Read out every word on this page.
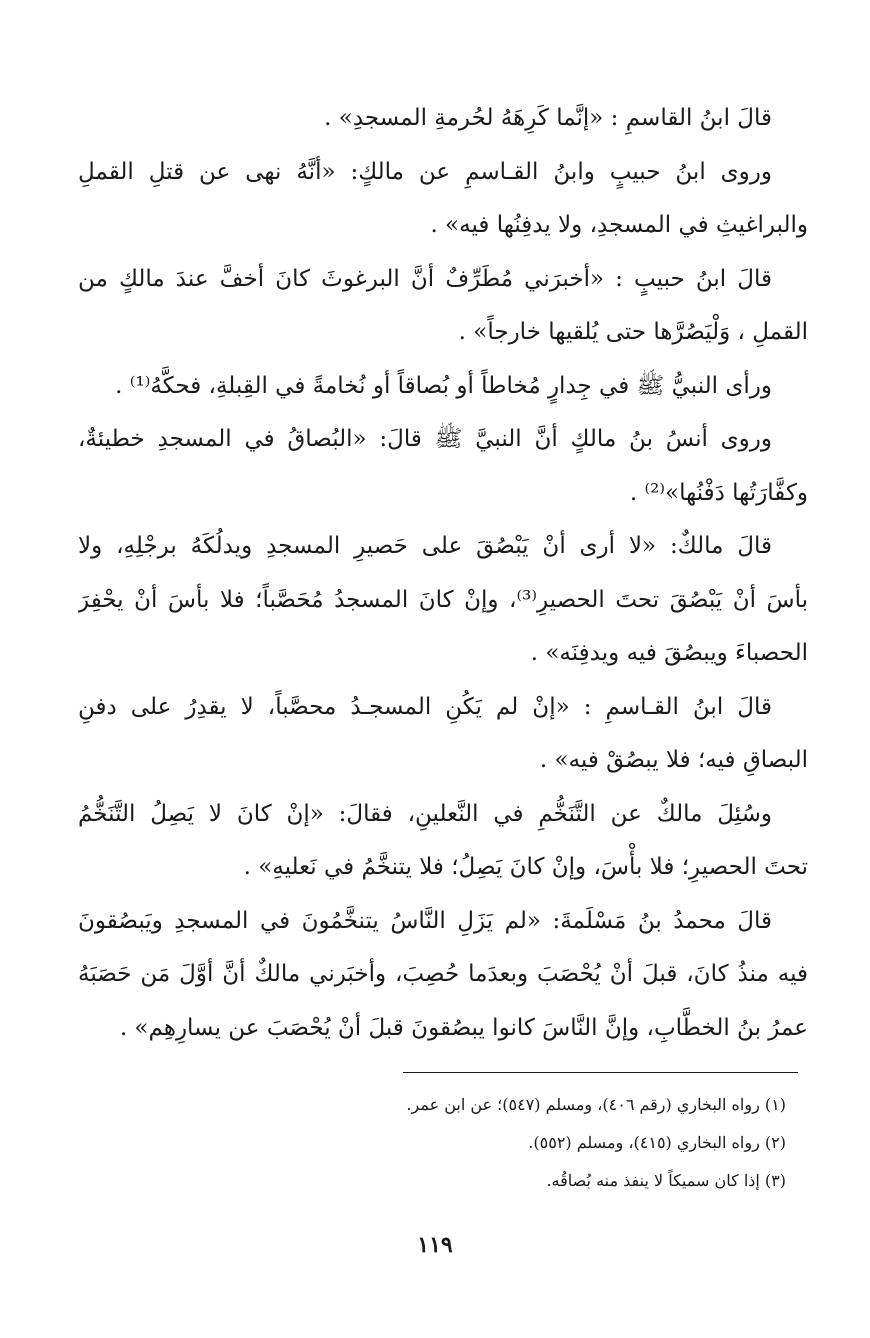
قالَ ابنُ القاسمِ : «إنَّما كَرِهَهُ لحُرمةِ المسجدِ» .
وروى ابنُ حبيبٍ وابنُ القـاسمِ عن مالكٍ: «أنَّهُ نهى عن قتلِ القملِ
والبراغيثِ في المسجدِ، ولا يدفِنُها فيه» .
قالَ ابنُ حبيبٍ : «أخبرَني مُطَرِّفٌ أنَّ البرغوثَ كانَ أخفَّ عندَ مالكٍ من
القملِ ، وَلْيَصُرَّها حتى يُلقيها خارجاً» .
ورأى النبيُّ ﷺ في جِدارٍ مُخاطاً أو بُصاقاً أو نُخامةً في القِبلةِ، فحكَّهُ⁽¹⁾ .
وروى أنسُ بنُ مالكٍ أنَّ النبيَّ ﷺ قالَ: «البُصاقُ في المسجدِ خطيئةٌ،
وكفَّارَتُها دَفْنُها»⁽²⁾ .
قالَ مالكٌ: «لا أرى أنْ يَبْصُقَ على حَصيرِ المسجدِ ويدلُكَهُ برجْلِهِ، ولا
بأسَ أنْ يَبْصُقَ تحتَ الحصيرِ⁽³⁾، وإنْ كانَ المسجدُ مُحَصَّباً؛ فلا بأسَ أنْ يحْفِرَ
الحصباءَ ويبصُقَ فيه ويدفِنَه» .
قالَ ابنُ القـاسمِ : «إنْ لم يَكُنِ المسجـدُ محصَّباً، لا يقدِرُ على دفنِ
البصاقِ فيه؛ فلا يبصُقْ فيه» .
وسُئِلَ مالكٌ عن التَّنَخُّمِ في النَّعلينِ، فقالَ: «إنْ كانَ لا يَصِلُ التَّنَخُّمُ
تحتَ الحصيرِ؛ فلا بأْسَ، وإنْ كانَ يَصِلُ؛ فلا يتنخَّمُ في نَعليهِ» .
قالَ محمدُ بنُ مَسْلَمةَ: «لم يَزَلِ النَّاسُ يتنخَّمُونَ في المسجدِ ويَبصُقونَ
فيه منذُ كانَ، قبلَ أنْ يُحْصَبَ وبعدَما حُصِبَ، وأخبَرني مالكٌ أنَّ أوَّلَ مَن حَصَبَهُ
عمرُ بنُ الخطَّابِ، وإنَّ النَّاسَ كانوا يبصُقونَ قبلَ أنْ يُحْصَبَ عن يسارِهِم» .
(١) رواه البخاري (رقم ٤٠٦)، ومسلم (٥٤٧)؛ عن ابن عمر.
(٢) رواه البخاري (٤١٥)، ومسلم (٥٥٢).
(٣) إذا كان سميكاً لا ينفذ منه بُصاقُه.
١١٩
